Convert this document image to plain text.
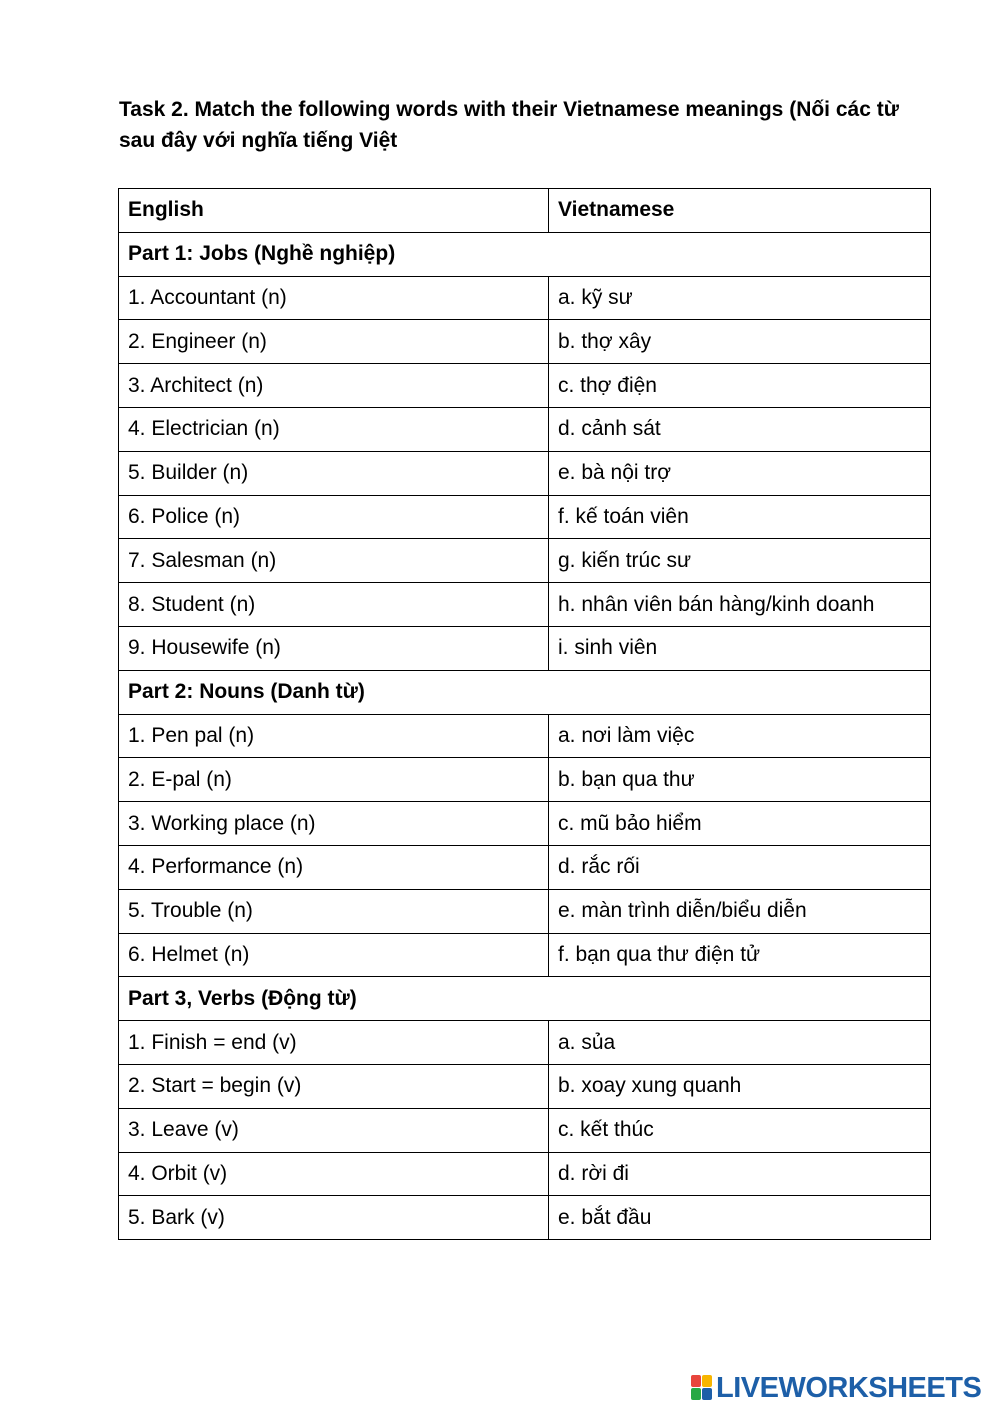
Task 2. Match the following words with their Vietnamese meanings (Nối các từ sau đây với nghĩa tiếng Việt
English	Vietnamese
Part 1: Jobs (Nghề nghiệp)	
1. Accountant (n)	a. kỹ sư
2. Engineer (n)	b. thợ xây
3. Architect (n)	c. thợ điện
4. Electrician (n)	d. cảnh sát
5. Builder (n)	e. bà nội trợ
6. Police (n)	f. kế toán viên
7. Salesman (n)	g. kiến trúc sư
8. Student (n)	h. nhân viên bán hàng/kinh doanh
9. Housewife (n)	i. sinh viên
Part 2: Nouns (Danh từ)	
1. Pen pal (n)	a. nơi làm việc
2. E-pal (n)	b. bạn qua thư
3. Working place (n)	c. mũ bảo hiểm
4. Performance (n)	d. rắc rối
5. Trouble (n)	e. màn trình diễn/biểu diễn
6. Helmet (n)	f. bạn qua thư điện tử
Part 3, Verbs (Động từ)	
1. Finish = end (v)	a. sủa
2. Start = begin (v)	b. xoay xung quanh
3. Leave (v)	c. kết thúc
4. Orbit (v)	d. rời đi
5. Bark (v)	e. bắt đầu
LIVEWORKSHEETS
